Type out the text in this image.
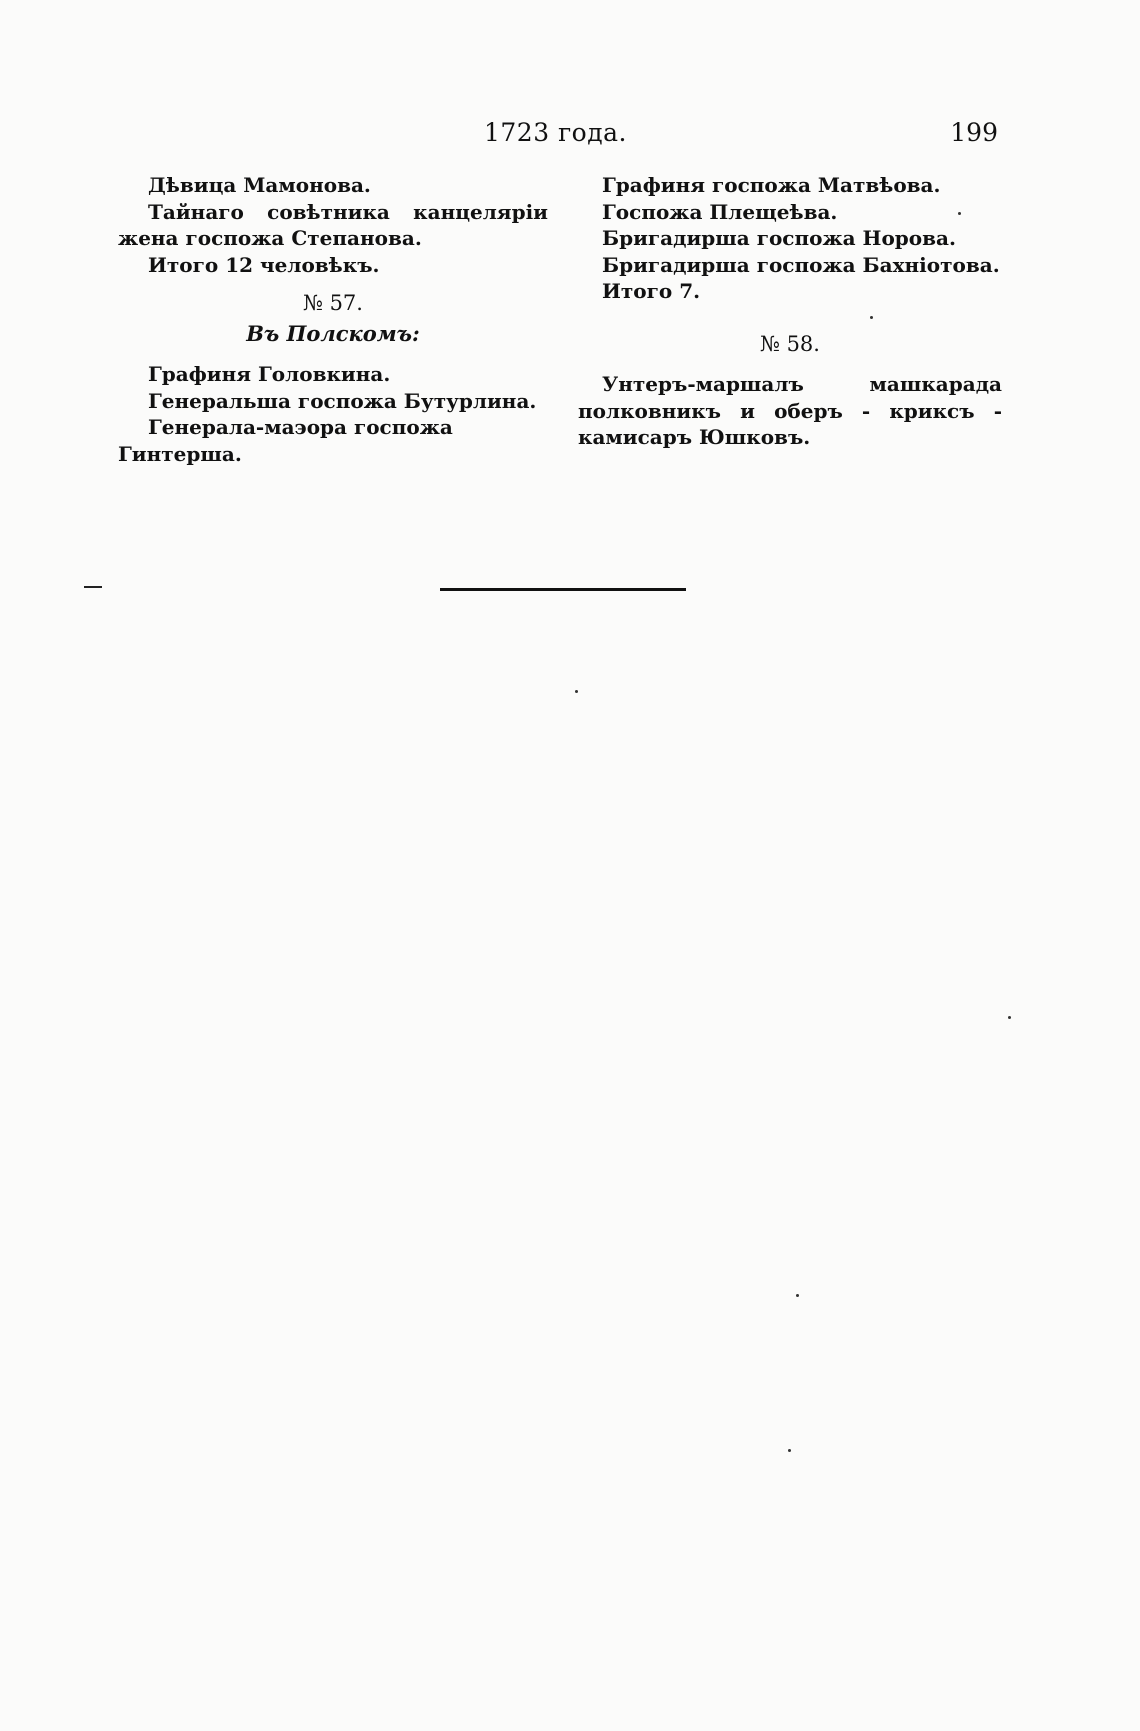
1723 года.	199

Дѣвица Мамонова.

Тайнаго совѣтника канцеляріи жена госпожа Степанова.

Итого 12 человѣкъ.

№ 57.

Въ Полскомъ:

Графиня Головкина.

Генеральша госпожа Бутурлина.

Генерала-маэора госпожа Гинтерша.

Графиня госпожа Матвѣова.

Госпожа Плещеѣва.

Бригадирша госпожа Норова.

Бригадирша госпожа Бахніотова.

Итого 7.

№ 58.

Унтеръ-маршалъ машкарада полковникъ и оберъ - криксъ - камисаръ Юшковъ.
